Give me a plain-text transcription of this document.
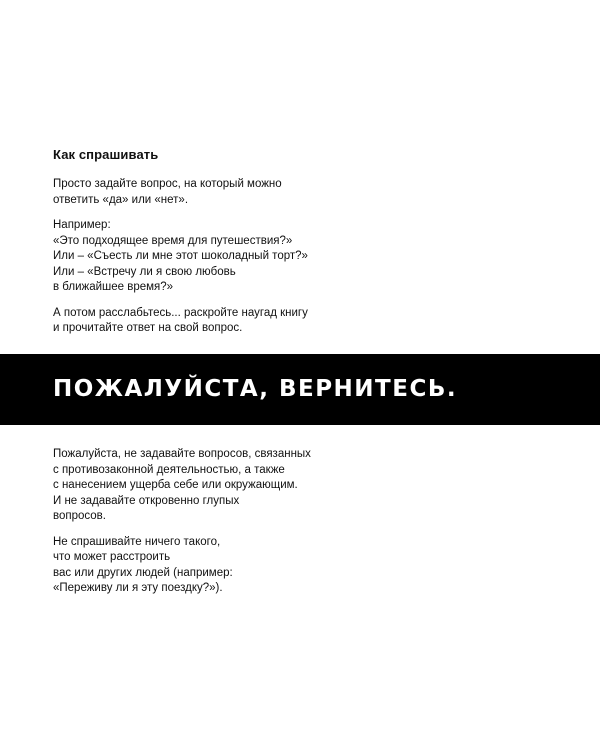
Как спрашивать
Просто задайте вопрос, на который можно
ответить «да» или «нет».
Например:
«Это подходящее время для путешествия?»
Или – «Съесть ли мне этот шоколадный торт?»
Или – «Встречу ли я свою любовь
в ближайшее время?»
А потом расслабьтесь... раскройте наугад книгу
и прочитайте ответ на свой вопрос.
ПОЖАЛУЙСТА, ВЕРНИТЕСЬ.
Пожалуйста, не задавайте вопросов, связанных
с противозаконной деятельностью, а также
с нанесением ущерба себе или окружающим.
И не задавайте откровенно глупых
вопросов.
Не спрашивайте ничего такого,
что может расстроить
вас или других людей (например:
«Переживу ли я эту поездку?»).
